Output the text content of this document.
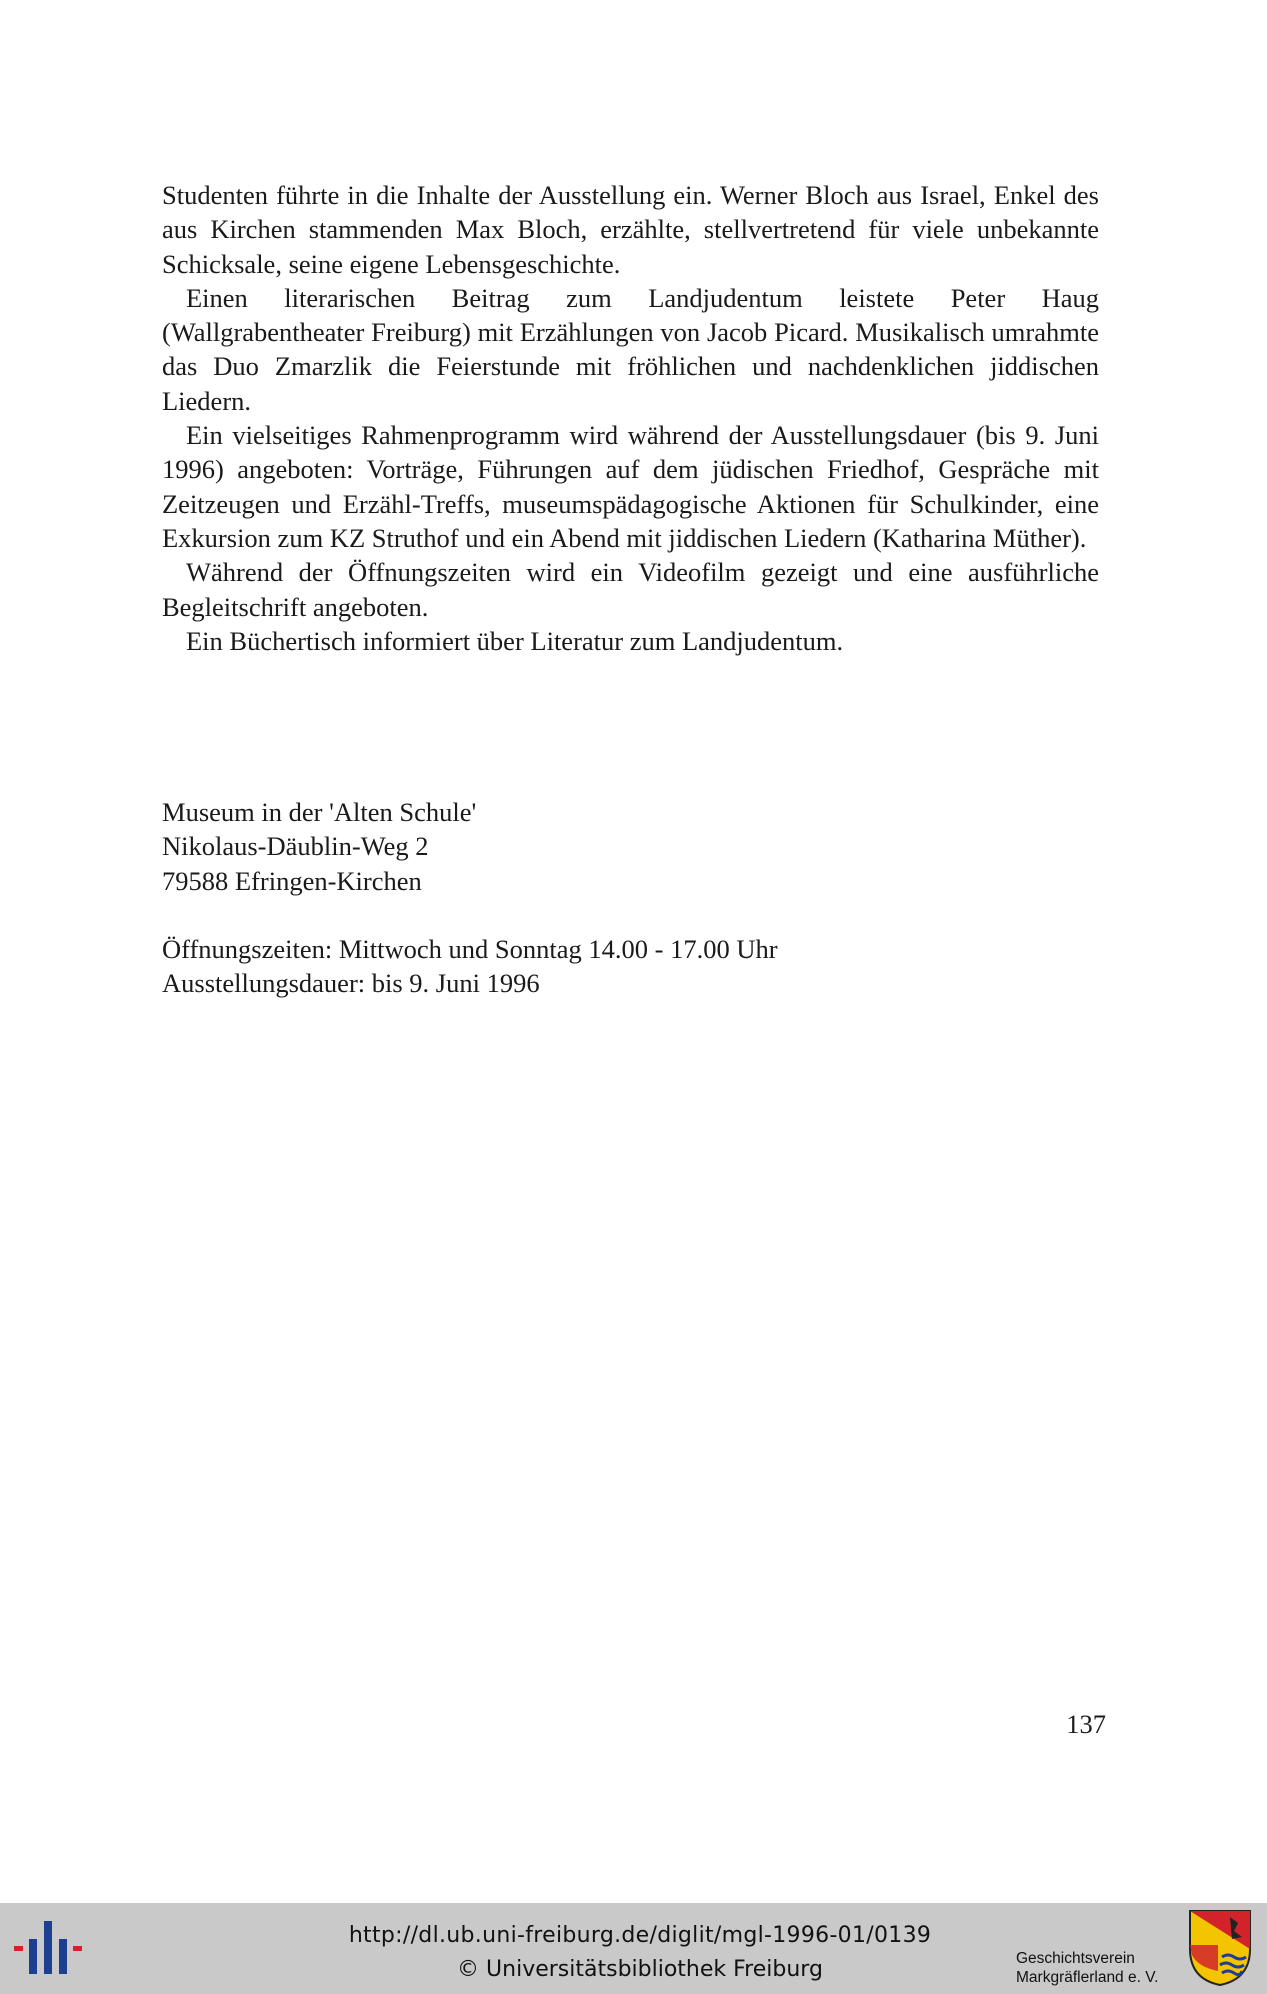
Studenten führte in die Inhalte der Ausstellung ein. Werner Bloch aus Israel, Enkel des aus Kirchen stammenden Max Bloch, erzählte, stellvertretend für viele unbekannte Schicksale, seine eigene Lebensgeschichte.

Einen literarischen Beitrag zum Landjudentum leistete Peter Haug (Wallgrabentheater Freiburg) mit Erzählungen von Jacob Picard. Musikalisch umrahmte das Duo Zmarzlik die Feierstunde mit fröhlichen und nachdenklichen jiddischen Liedern.

Ein vielseitiges Rahmenprogramm wird während der Ausstellungsdauer (bis 9. Juni 1996) angeboten: Vorträge, Führungen auf dem jüdischen Friedhof, Gespräche mit Zeitzeugen und Erzähl-Treffs, museumspädagogische Aktionen für Schulkinder, eine Exkursion zum KZ Struthof und ein Abend mit jiddischen Liedern (Katharina Müther).

Während der Öffnungszeiten wird ein Videofilm gezeigt und eine ausführliche Begleitschrift angeboten.

Ein Büchertisch informiert über Literatur zum Landjudentum.

Museum in der 'Alten Schule'
Nikolaus-Däublin-Weg 2
79588 Efringen-Kirchen
Öffnungszeiten: Mittwoch und Sonntag 14.00 - 17.00 Uhr
Ausstellungsdauer: bis 9. Juni 1996
137
http://dl.ub.uni-freiburg.de/diglit/mgl-1996-01/0139
© Universitätsbibliothek Freiburg	Geschichtsverein
Markgräflerland e. V.
